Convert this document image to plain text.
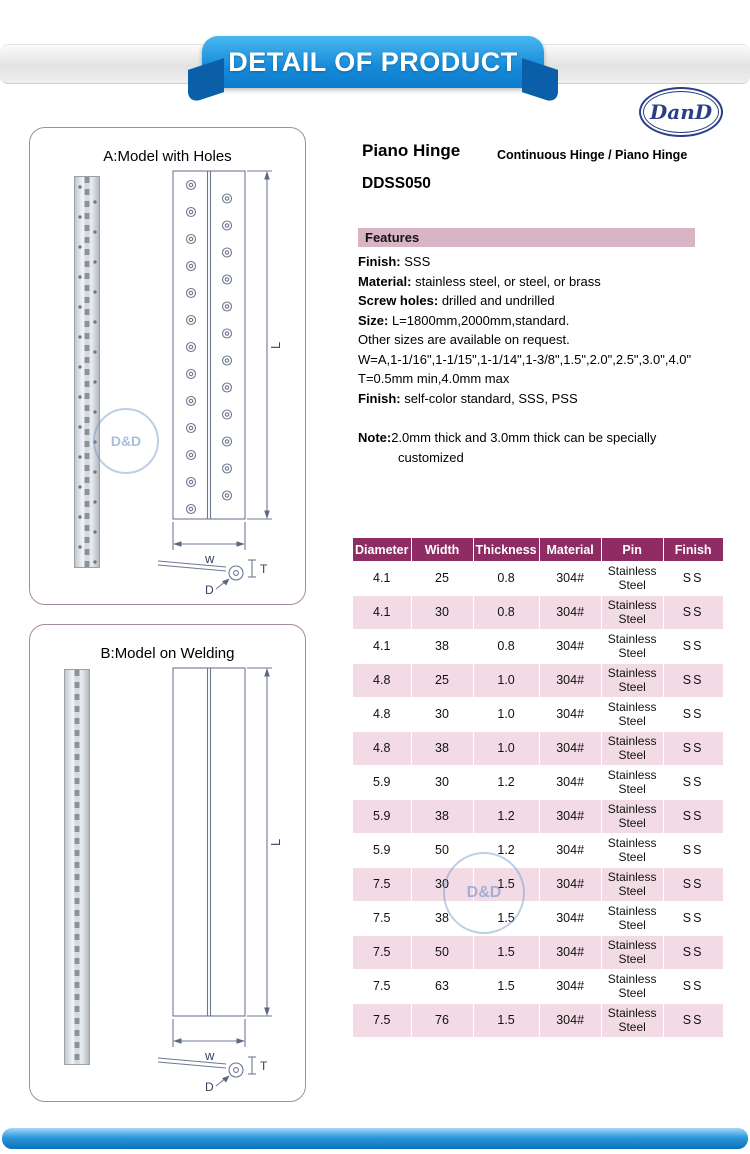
DETAIL OF PRODUCT
DanD
A:Model with Holes
L
w
D
T
B:Model on Welding
L
w
D
T
Piano Hinge
DDSS050
Continuous Hinge / Piano Hinge
Features

Finish: SSS

Material: stainless steel, or steel, or brass

Screw holes: drilled and undrilled

Size: L=1800mm,2000mm,standard.

Other sizes are available on request.

W=A,1-1/16",1-1/15",1-1/14",1-3/8",1.5",2.0",2.5",3.0",4.0"

T=0.5mm min,4.0mm max

Finish: self-color standard, SSS, PSS

Note:2.0mm thick and 3.0mm thick can be specially

customized

Diameter	Width	Thickness	Material	Pin	Finish
4.1	25	0.8	304#	Stainless Steel	SS
4.1	30	0.8	304#	Stainless Steel	SS
4.1	38	0.8	304#	Stainless Steel	SS
4.8	25	1.0	304#	Stainless Steel	SS
4.8	30	1.0	304#	Stainless Steel	SS
4.8	38	1.0	304#	Stainless Steel	SS
5.9	30	1.2	304#	Stainless Steel	SS
5.9	38	1.2	304#	Stainless Steel	SS
5.9	50	1.2	304#	Stainless Steel	SS
7.5	30	1.5	304#	Stainless Steel	SS
7.5	38	1.5	304#	Stainless Steel	SS
7.5	50	1.5	304#	Stainless Steel	SS
7.5	63	1.5	304#	Stainless Steel	SS
7.5	76	1.5	304#	Stainless Steel	SS
D&D
D&D
